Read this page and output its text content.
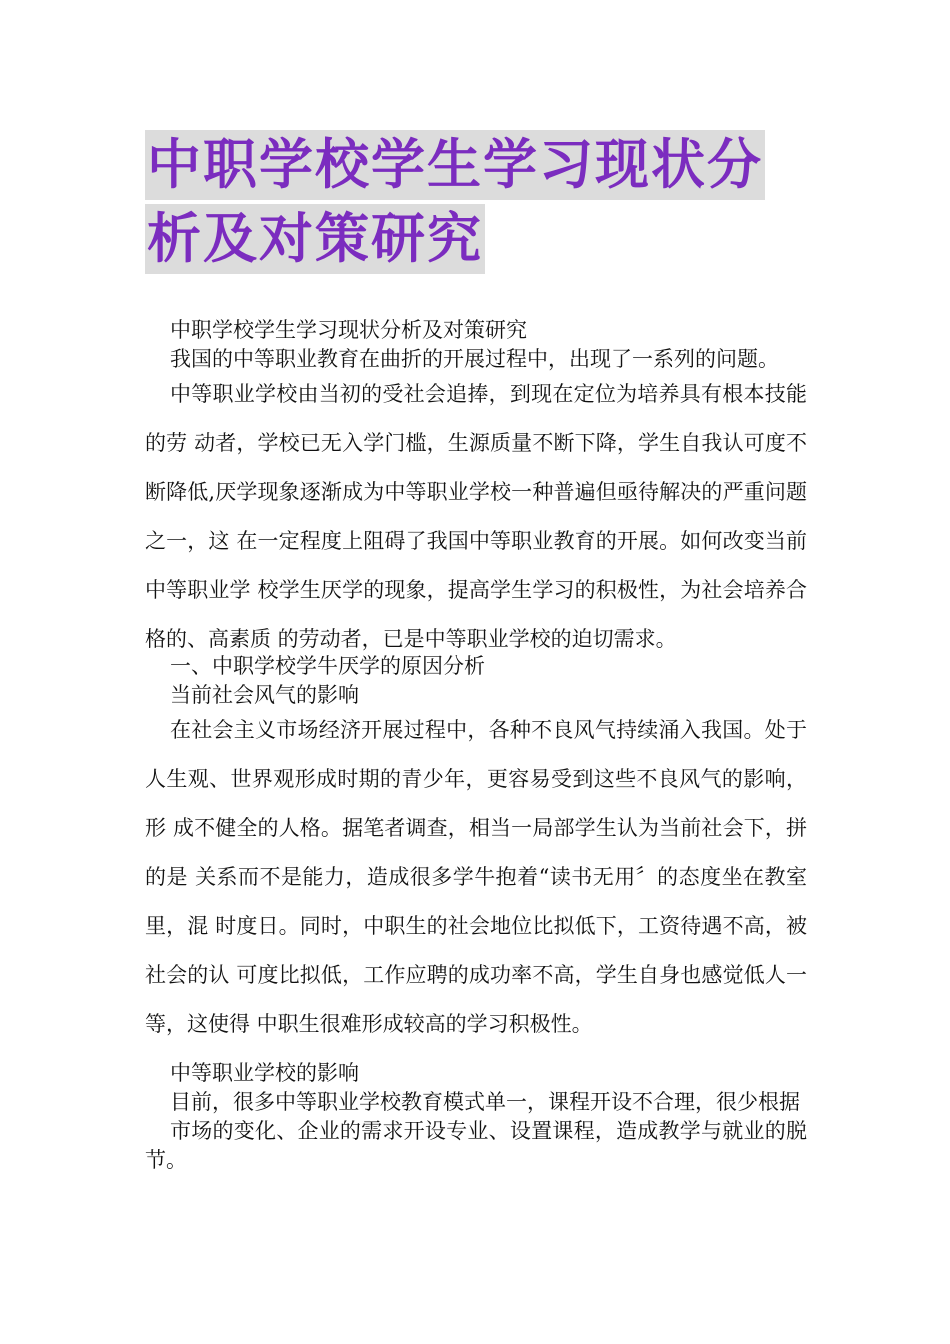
中职学校学生学习现状分
析及对策研究

中职学校学生学习现状分析及对策研究

我国的中等职业教育在曲折的开展过程中，出现了一系列的问题。

中等职业学校由当初的受社会追捧，到现在定位为培养具有根本技能的劳 动者，学校已无入学门槛，生源质量不断下降，学生自我认可度不断降低,厌学现象逐渐成为中等职业学校一种普遍但亟待解决的严重问题之一，这 在一定程度上阻碍了我国中等职业教育的开展。如何改变当前中等职业学 校学生厌学的现象，提高学生学习的积极性，为社会培养合格的、高素质 的劳动者，已是中等职业学校的迫切需求。

一、中职学校学牛厌学的原因分析

当前社会风气的影响

在社会主义市场经济开展过程中，各种不良风气持续涌入我国。处于 人生观、世界观形成时期的青少年，更容易受到这些不良风气的影响，形 成不健全的人格。据笔者调查，相当一局部学生认为当前社会下，拼的是 关系而不是能力，造成很多学牛抱着“读书无用〞的态度坐在教室里，混 时度日。同时，中职生的社会地位比拟低下，工资待遇不高，被社会的认 可度比拟低，工作应聘的成功率不高，学生自身也感觉低人一等，这使得 中职生很难形成较高的学习积极性。

中等职业学校的影响

目前，很多中等职业学校教育模式单一，课程开设不合理，很少根据

市场的变化、企业的需求开设专业、设置课程，造成教学与就业的脱节。
